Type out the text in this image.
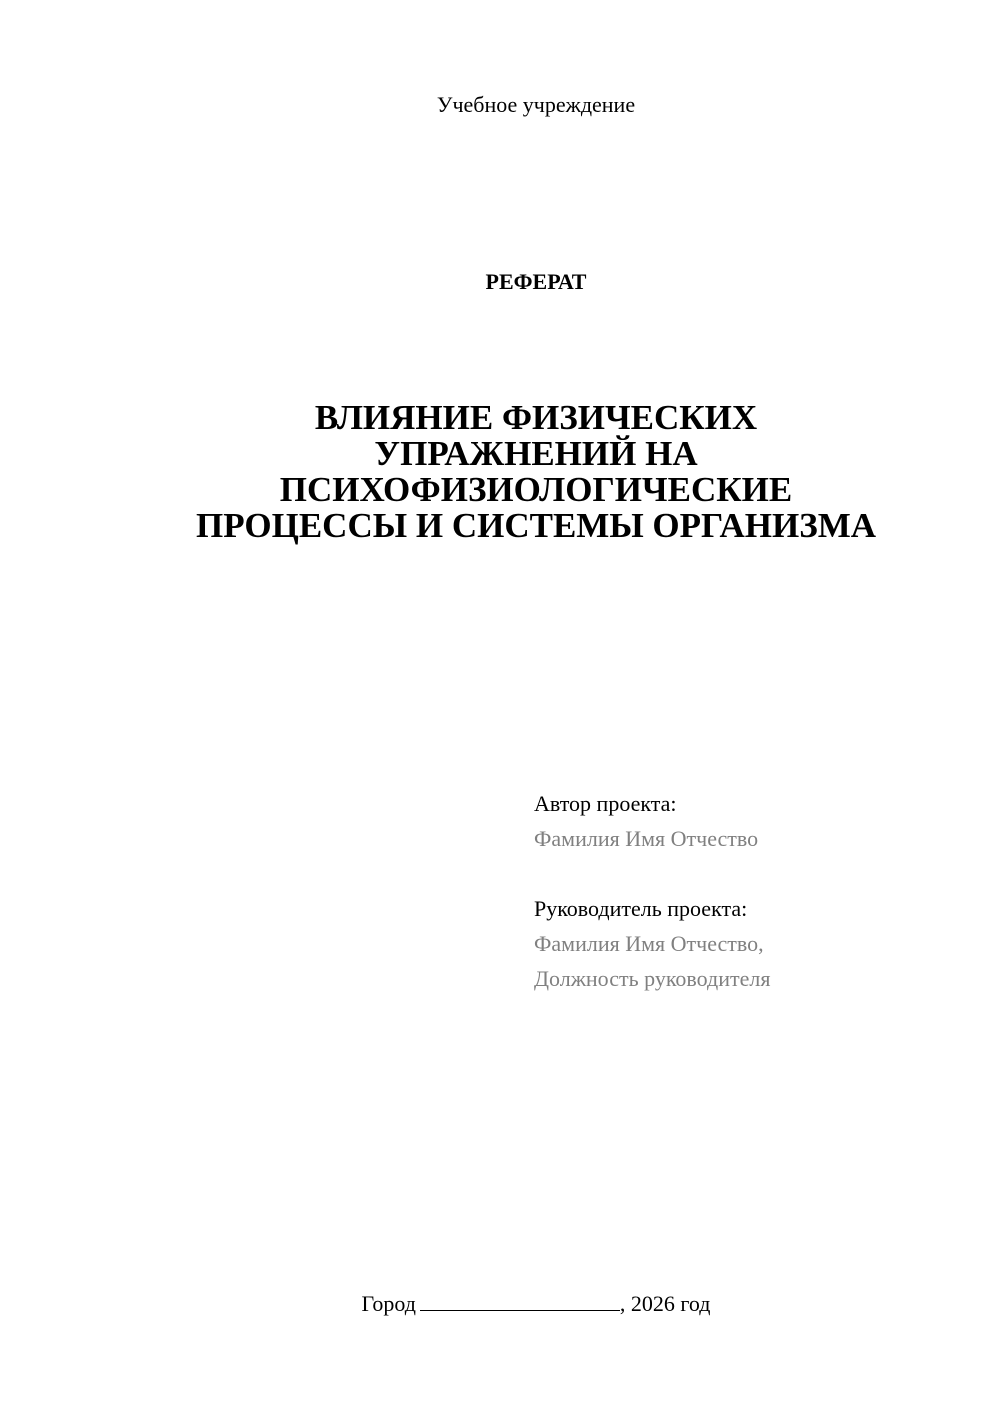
Учебное учреждение
РЕФЕРАТ
ВЛИЯНИЕ ФИЗИЧЕСКИХ
УПРАЖНЕНИЙ НА
ПСИХОФИЗИОЛОГИЧЕСКИЕ
ПРОЦЕССЫ И СИСТЕМЫ ОРГАНИЗМА
Автор проекта:
Фамилия Имя Отчество
Руководитель проекта:
Фамилия Имя Отчество,
Должность руководителя
Город	, 2026 год
